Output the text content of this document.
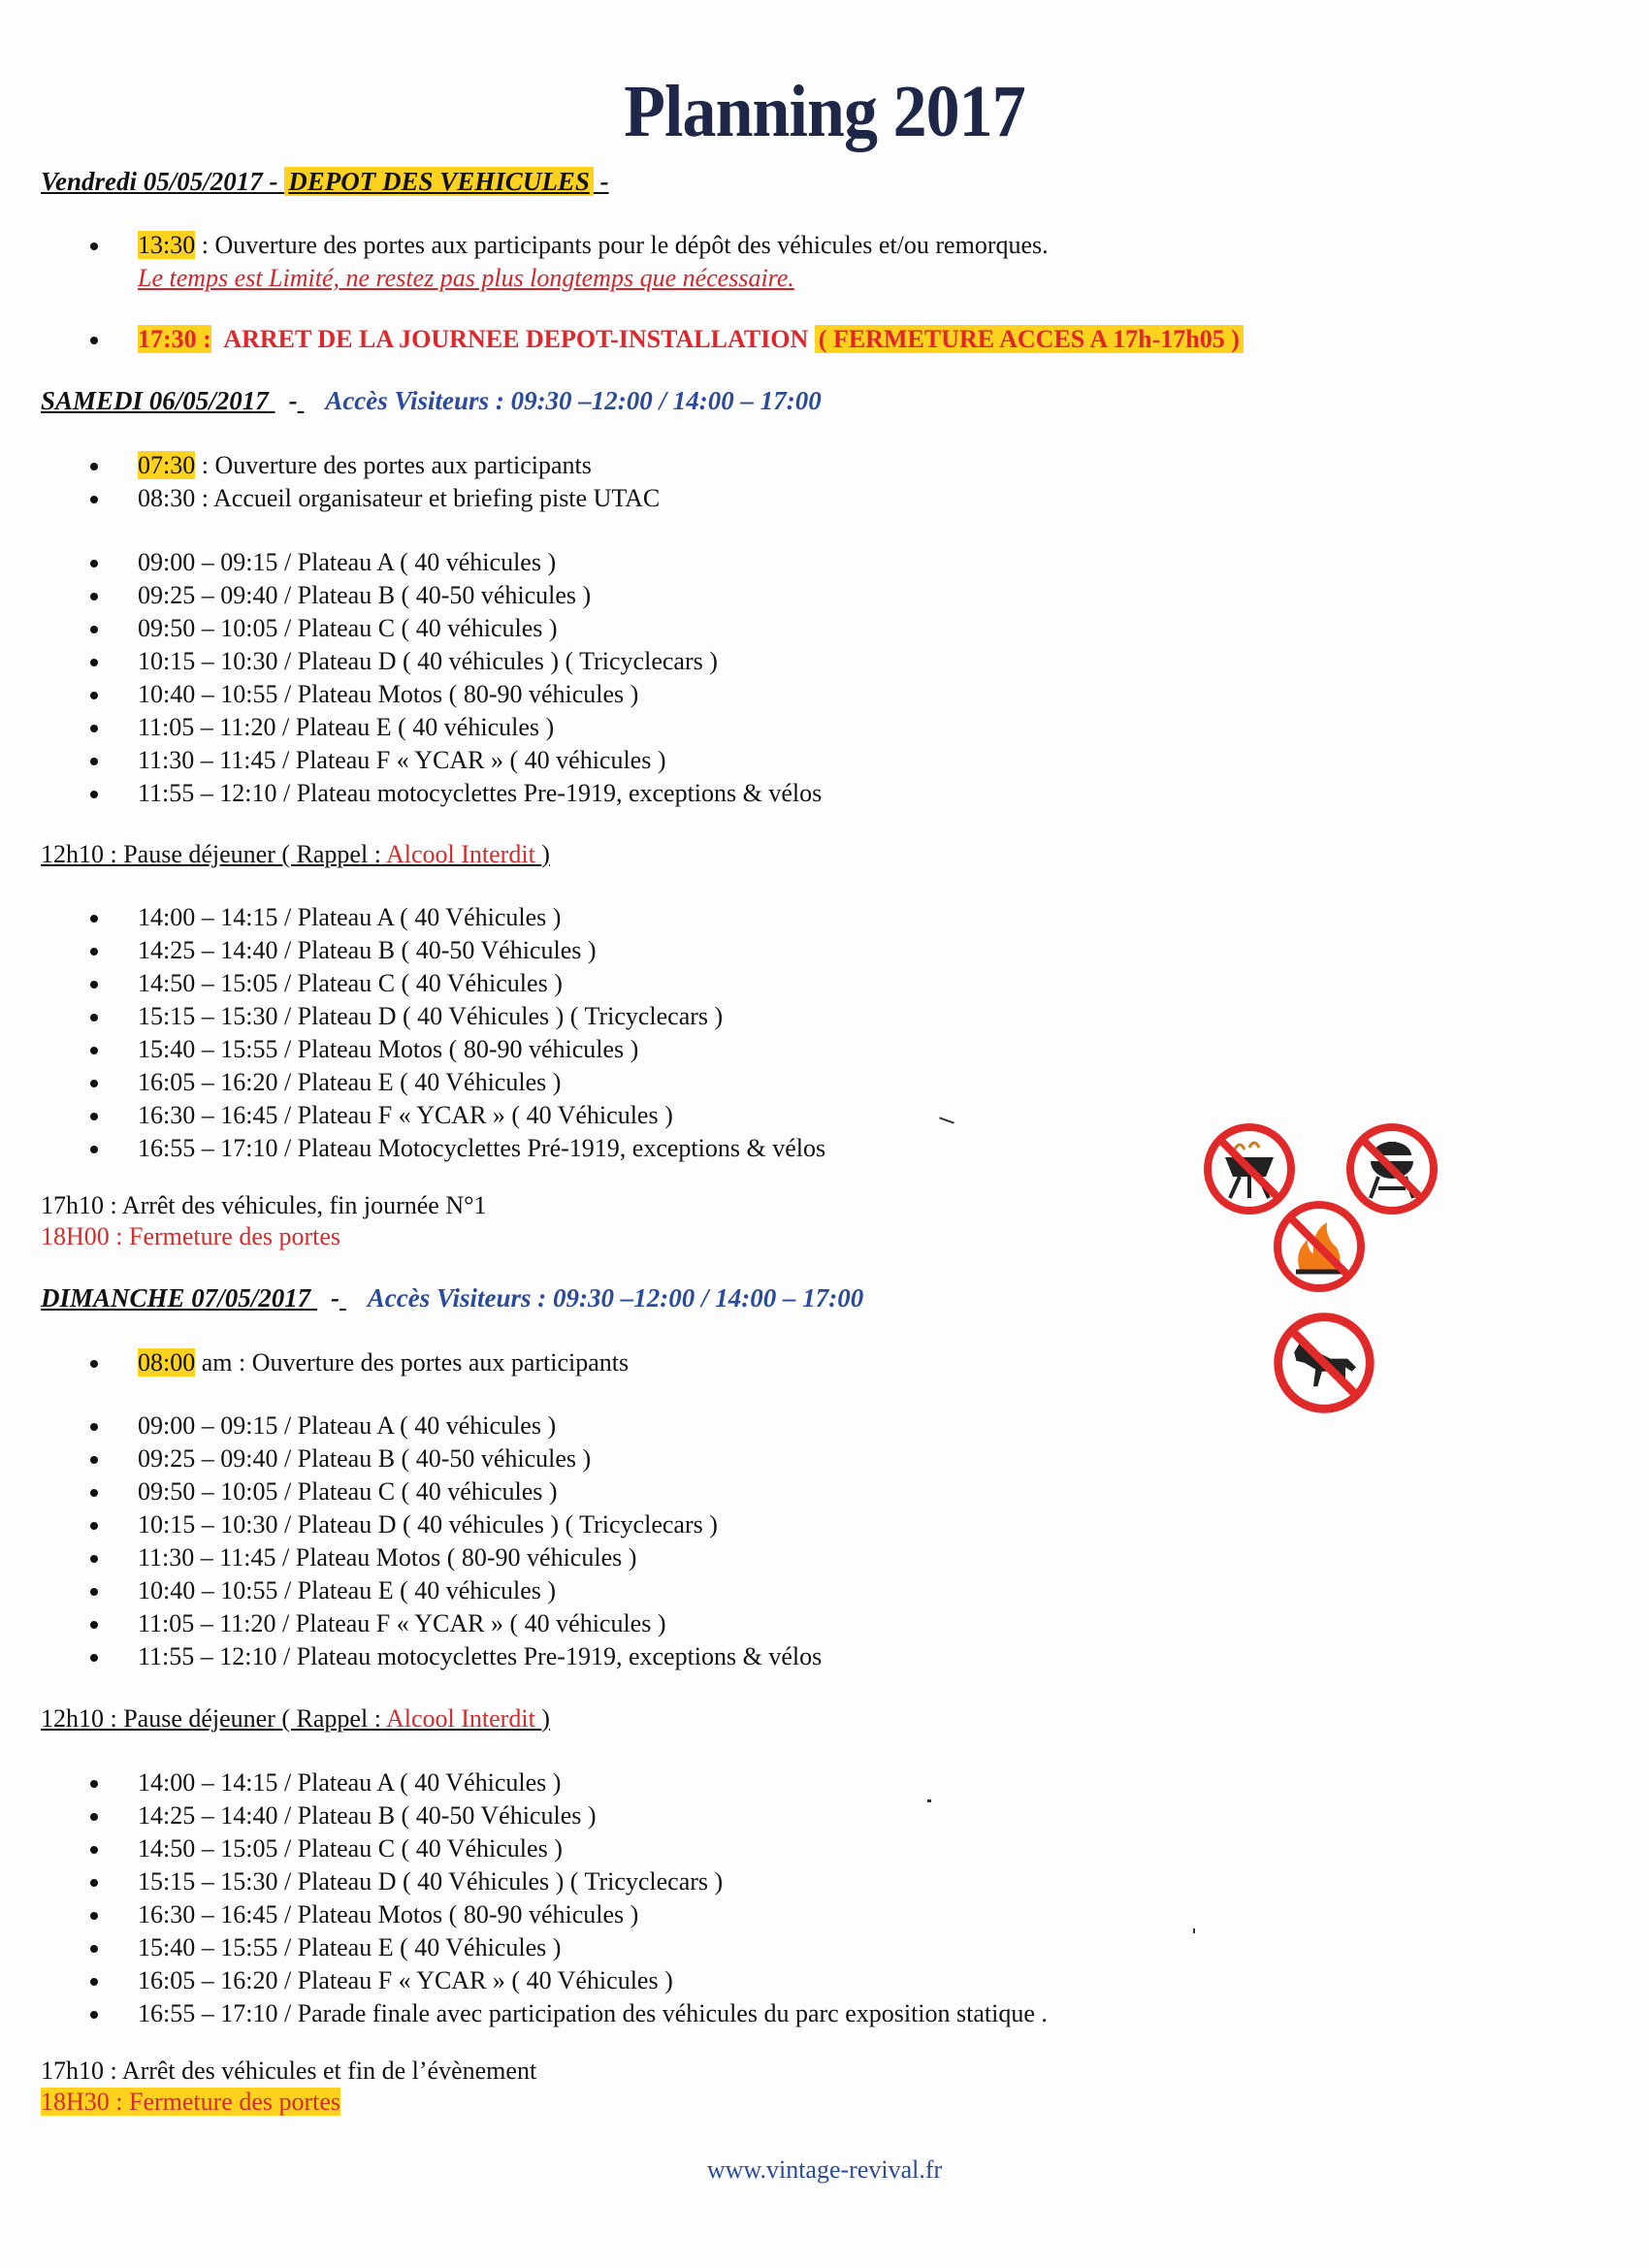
Planning 2017
Vendredi 05/05/2017 - DEPOT DES VEHICULES -
13:30 : Ouverture des portes aux participants pour le dépôt des véhicules et/ou remorques.
Le temps est Limité, ne restez pas plus longtemps que nécessaire.
17:30 : ARRET DE LA JOURNEE DEPOT-INSTALLATION ( FERMETURE ACCES A 17h-17h05 )
SAMEDI 06/05/2017 - Accès Visiteurs : 09:30 –12:00 / 14:00 – 17:00
07:30 : Ouverture des portes aux participants
08:30 : Accueil organisateur et briefing piste UTAC
09:00 – 09:15 / Plateau A ( 40 véhicules )
09:25 – 09:40 / Plateau B ( 40-50 véhicules )
09:50 – 10:05 / Plateau C ( 40 véhicules )
10:15 – 10:30 / Plateau D ( 40 véhicules ) ( Tricyclecars )
10:40 – 10:55 / Plateau Motos ( 80-90 véhicules )
11:05 – 11:20 / Plateau E ( 40 véhicules )
11:30 – 11:45 / Plateau F « YCAR » ( 40 véhicules )
11:55 – 12:10 / Plateau motocyclettes Pre-1919, exceptions & vélos
12h10 : Pause déjeuner ( Rappel : Alcool Interdit )
14:00 – 14:15 / Plateau A ( 40 Véhicules )
14:25 – 14:40 / Plateau B ( 40-50 Véhicules )
14:50 – 15:05 / Plateau C ( 40 Véhicules )
15:15 – 15:30 / Plateau D ( 40 Véhicules ) ( Tricyclecars )
15:40 – 15:55 / Plateau Motos ( 80-90 véhicules )
16:05 – 16:20 / Plateau E ( 40 Véhicules )
16:30 – 16:45 / Plateau F « YCAR » ( 40 Véhicules )
16:55 – 17:10 / Plateau Motocyclettes Pré-1919, exceptions & vélos
17h10 : Arrêt des véhicules, fin journée N°1
18H00 : Fermeture des portes
DIMANCHE 07/05/2017 - Accès Visiteurs : 09:30 –12:00 / 14:00 – 17:00
08:00 am : Ouverture des portes aux participants
09:00 – 09:15 / Plateau A ( 40 véhicules )
09:25 – 09:40 / Plateau B ( 40-50 véhicules )
09:50 – 10:05 / Plateau C ( 40 véhicules )
10:15 – 10:30 / Plateau D ( 40 véhicules ) ( Tricyclecars )
11:30 – 11:45 / Plateau Motos ( 80-90 véhicules )
10:40 – 10:55 / Plateau E ( 40 véhicules )
11:05 – 11:20 / Plateau F « YCAR » ( 40 véhicules )
11:55 – 12:10 / Plateau motocyclettes Pre-1919, exceptions & vélos
12h10 : Pause déjeuner ( Rappel : Alcool Interdit )
14:00 – 14:15 / Plateau A ( 40 Véhicules )
14:25 – 14:40 / Plateau B ( 40-50 Véhicules )
14:50 – 15:05 / Plateau C ( 40 Véhicules )
15:15 – 15:30 / Plateau D ( 40 Véhicules ) ( Tricyclecars )
16:30 – 16:45 / Plateau Motos ( 80-90 véhicules )
15:40 – 15:55 / Plateau E ( 40 Véhicules )
16:05 – 16:20 / Plateau F « YCAR » ( 40 Véhicules )
16:55 – 17:10 / Parade finale avec participation des véhicules du parc exposition statique .
17h10 : Arrêt des véhicules et fin de l’évènement
18H30 : Fermeture des portes
www.vintage-revival.fr
